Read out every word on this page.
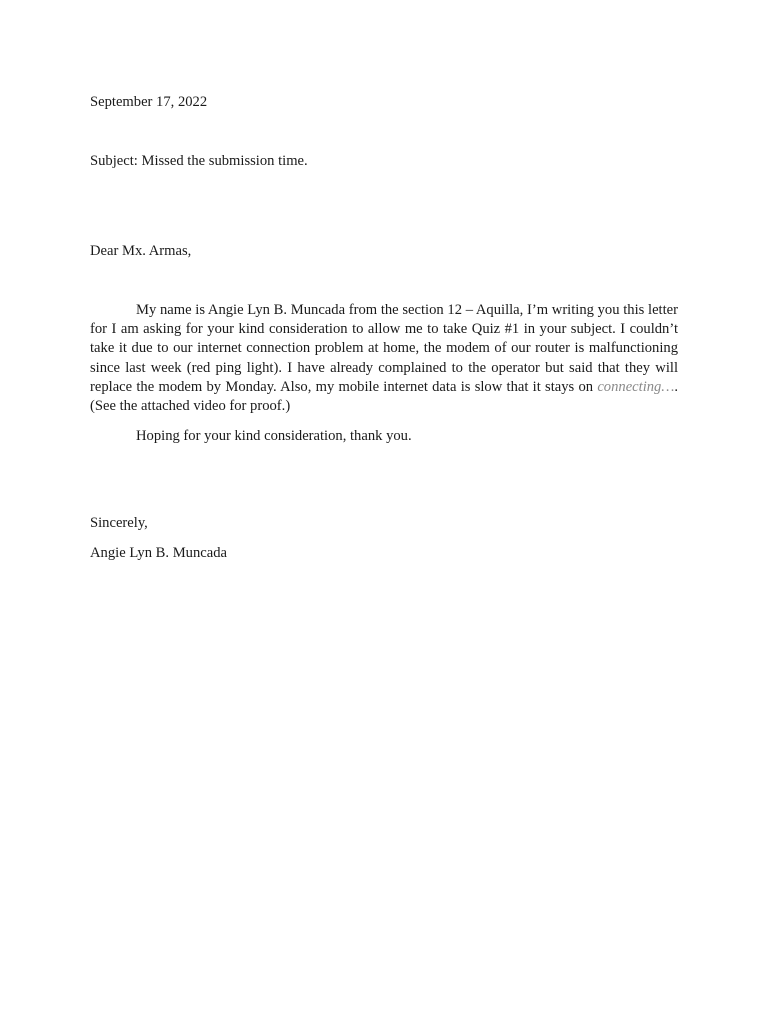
September 17, 2022
Subject: Missed the submission time.
Dear Mx. Armas,

My name is Angie Lyn B. Muncada from the section 12 – Aquilla, I’m writing you this letter for I am asking for your kind consideration to allow me to take Quiz #1 in your subject. I couldn’t take it due to our internet connection problem at home, the modem of our router is malfunctioning since last week (red ping light). I have already complained to the operator but said that they will replace the modem by Monday. Also, my mobile internet data is slow that it stays on connecting…. (See the attached video for proof.)

Hoping for your kind consideration, thank you.

Sincerely,
Angie Lyn B. Muncada
